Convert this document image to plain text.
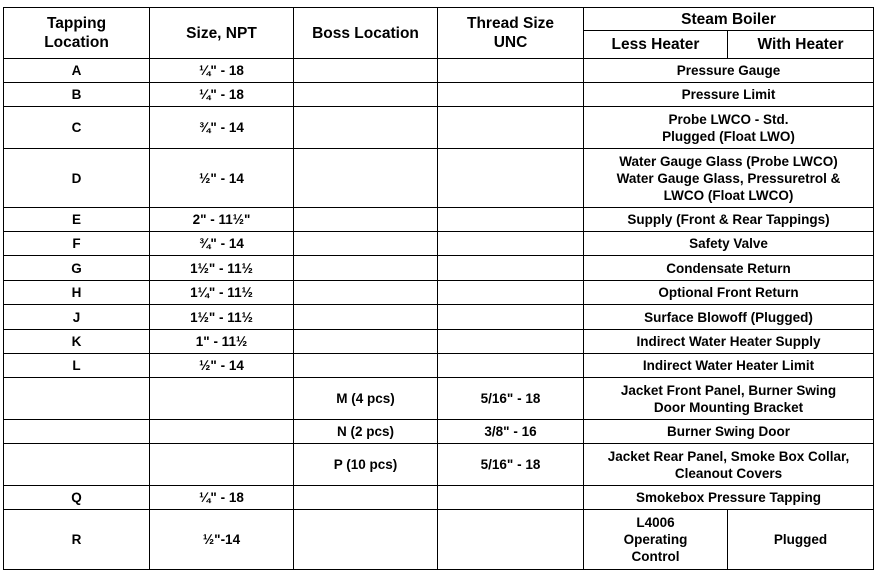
Tapping Location	Size, NPT	Boss Location	Thread Size UNC	Steam Boiler	
				Less Heater	With Heater
A	¼" - 18			Pressure Gauge	
B	¼" - 18			Pressure Limit	
C	¾" - 14			Probe LWCO - Std.
Plugged (Float LWO)	
D	½" - 14			Water Gauge Glass (Probe LWCO)
Water Gauge Glass, Pressuretrol &
LWCO (Float LWCO)	
E	2" - 11½"			Supply (Front & Rear Tappings)	
F	¾" - 14			Safety Valve	
G	1½" - 11½			Condensate Return	
H	1¼" - 11½			Optional Front Return	
J	1½" - 11½			Surface Blowoff (Plugged)	
K	1" - 11½			Indirect Water Heater Supply	
L	½" - 14			Indirect Water Heater Limit	
		M (4 pcs)	5/16" - 18	Jacket Front Panel, Burner Swing
Door Mounting Bracket	
		N (2 pcs)	3/8" - 16	Burner Swing Door	
		P (10 pcs)	5/16" - 18	Jacket Rear Panel, Smoke Box Collar,
Cleanout Covers	
Q	¼" - 18			Smokebox Pressure Tapping	
R	½"-14			L4006
Operating
Control	Plugged
